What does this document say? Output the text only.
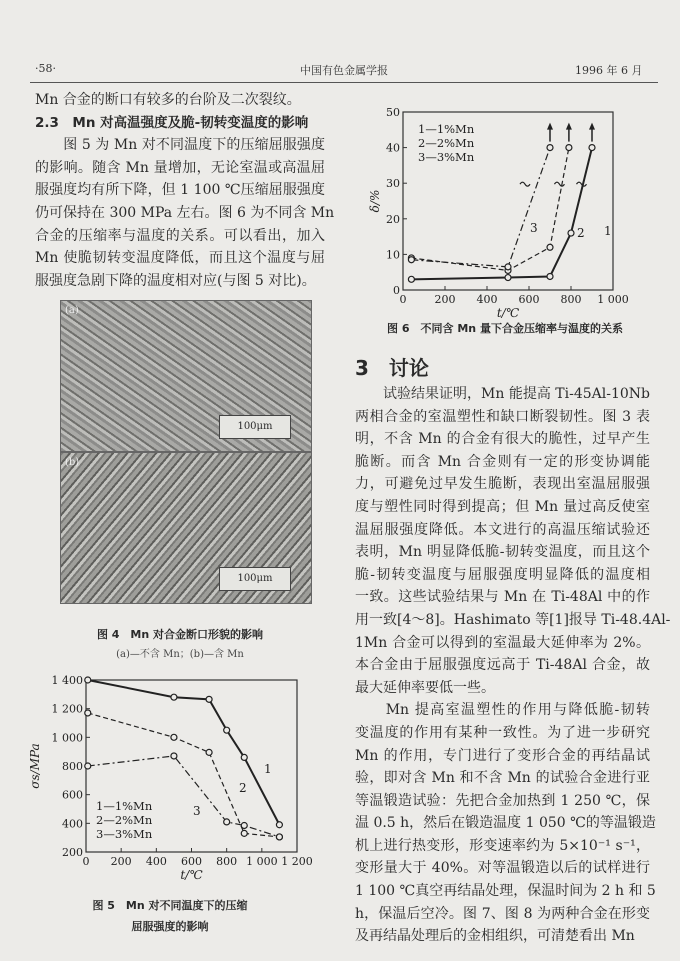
·58·	中国有色金属学报	1996 年 6 月
Mn 合金的断口有较多的台阶及二次裂纹。
2.3　Mn 对高温强度及脆-韧转变温度的影响
　　图 5 为 Mn 对不同温度下的压缩屈服强度
的影响。随含 Mn 量增加，无论室温或高温屈
服强度均有所下降，但 1 100 ℃压缩屈服强度
仍可保持在 300 MPa 左右。图 6 为不同含 Mn
合金的压缩率与温度的关系。可以看出，加入
Mn 使脆韧转变温度降低，而且这个温度与屈
服强度急剧下降的温度相对应(与图 5 对比)。
(a)
100μm
(b)
100μm
图 4　Mn 对合金断口形貌的影响
(a)—不含 Mn；(b)—含 Mn
0 200 400 600 800 1 000 1 200
200
400
600
800
1 000
1 200
1 400
t/℃
σs/MPa	1
2
3
1—1%Mn
2—2%Mn
3—3%Mn
图 5　Mn 对不同温度下的压缩
屈服强度的影响
0	200 400 600 800 1 000
0
10
20
30
40
50
t/℃
δ/%
1
2
3
1—1%Mn
2—2%Mn
3—3%Mn
图 6　不同含 Mn 量下合金压缩率与温度的关系
3　讨论
　　试验结果证明，Mn 能提高 Ti-45Al-10Nb
两相合金的室温塑性和缺口断裂韧性。图 3 表
明，不含 Mn 的合金有很大的脆性，过早产生
脆断。而含 Mn 合金则有一定的形变协调能
力，可避免过早发生脆断，表现出室温屈服强
度与塑性同时得到提高；但 Mn 量过高反使室
温屈服强度降低。本文进行的高温压缩试验还
表明，Mn 明显降低脆-韧转变温度，而且这个
脆-韧转变温度与屈服强度明显降低的温度相
一致。这些试验结果与 Mn 在 Ti-48Al 中的作
用一致[4～8]。Hashimato 等[1]报导 Ti-48.4Al-
1Mn 合金可以得到的室温最大延伸率为 2%。
本合金由于屈服强度远高于 Ti-48Al 合金，故
最大延伸率要低一些。
　　Mn 提高室温塑性的作用与降低脆-韧转
变温度的作用有某种一致性。为了进一步研究
Mn 的作用，专门进行了变形合金的再结晶试
验，即对含 Mn 和不含 Mn 的试验合金进行亚
等温锻造试验：先把合金加热到 1 250 ℃，保
温 0.5 h，然后在锻造温度 1 050 ℃的等温锻造
机上进行热变形，形变速率约为 5×10⁻¹ s⁻¹，
变形量大于 40%。对等温锻造以后的试样进行
1 100 ℃真空再结晶处理，保温时间为 2 h 和 5
h，保温后空冷。图 7、图 8 为两种合金在形变
及再结晶处理后的金相组织，可清楚看出 Mn
